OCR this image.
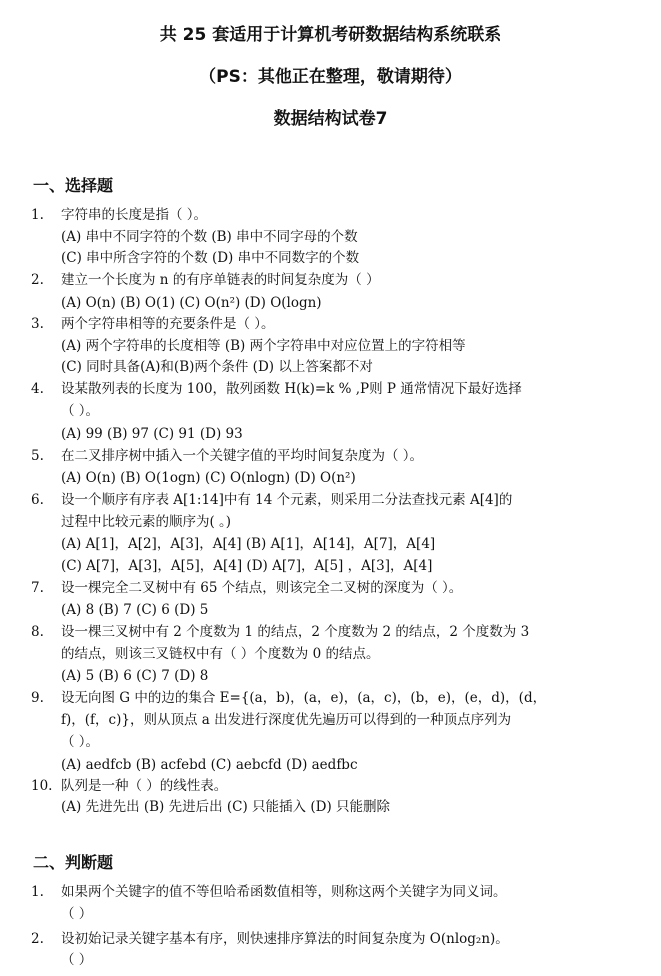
共 25 套适用于计算机考研数据结构系统联系
（PS：其他正在整理，敬请期待）
数据结构试卷7
一、选择题
1. 字符串的长度是指（ ）。
(A) 串中不同字符的个数 (B) 串中不同字母的个数
(C) 串中所含字符的个数 (D) 串中不同数字的个数
2. 建立一个长度为 n 的有序单链表的时间复杂度为（ ）
(A) O(n) (B) O(1) (C) O(n²) (D) O(logn)
3. 两个字符串相等的充要条件是（ ）。
(A) 两个字符串的长度相等 (B) 两个字符串中对应位置上的字符相等
(C) 同时具备(A)和(B)两个条件 (D) 以上答案都不对
4. 设某散列表的长度为 100，散列函数 H(k)=k % ,P则 P 通常情况下最好选择
（ ）。
(A) 99 (B) 97 (C) 91 (D) 93
5. 在二叉排序树中插入一个关键字值的平均时间复杂度为（ ）。
(A) O(n) (B) O(1ogn) (C) O(nlogn) (D) O(n²)
6. 设一个顺序有序表 A[1:14]中有 14 个元素，则采用二分法查找元素 A[4]的
过程中比较元素的顺序为( 。)
(A) A[1]，A[2]，A[3]，A[4] (B) A[1]，A[14]，A[7]，A[4]
(C) A[7]，A[3]，A[5]，A[4] (D) A[7]，A[5] ，A[3]，A[4]
7. 设一棵完全二叉树中有 65 个结点，则该完全二叉树的深度为（ ）。
(A) 8 (B) 7 (C) 6 (D) 5
8. 设一棵三叉树中有 2 个度数为 1 的结点，2 个度数为 2 的结点，2 个度数为 3
的结点，则该三叉链权中有（ ）个度数为 0 的结点。
(A) 5 (B) 6 (C) 7 (D) 8
9. 设无向图 G 中的边的集合 E={(a，b)，(a，e)，(a，c)，(b，e)，(e，d)，(d，
f)，(f，c)}，则从顶点 a 出发进行深度优先遍历可以得到的一种顶点序列为
（ ）。
(A) aedfcb (B) acfebd (C) aebcfd (D) aedfbc
10. 队列是一种（ ）的线性表。
(A) 先进先出 (B) 先进后出 (C) 只能插入 (D) 只能删除
二、判断题
1. 如果两个关键字的值不等但哈希函数值相等，则称这两个关键字为同义词。
（ ）
2. 设初始记录关键字基本有序，则快速排序算法的时间复杂度为 O(nlog₂n)。
（ ）
